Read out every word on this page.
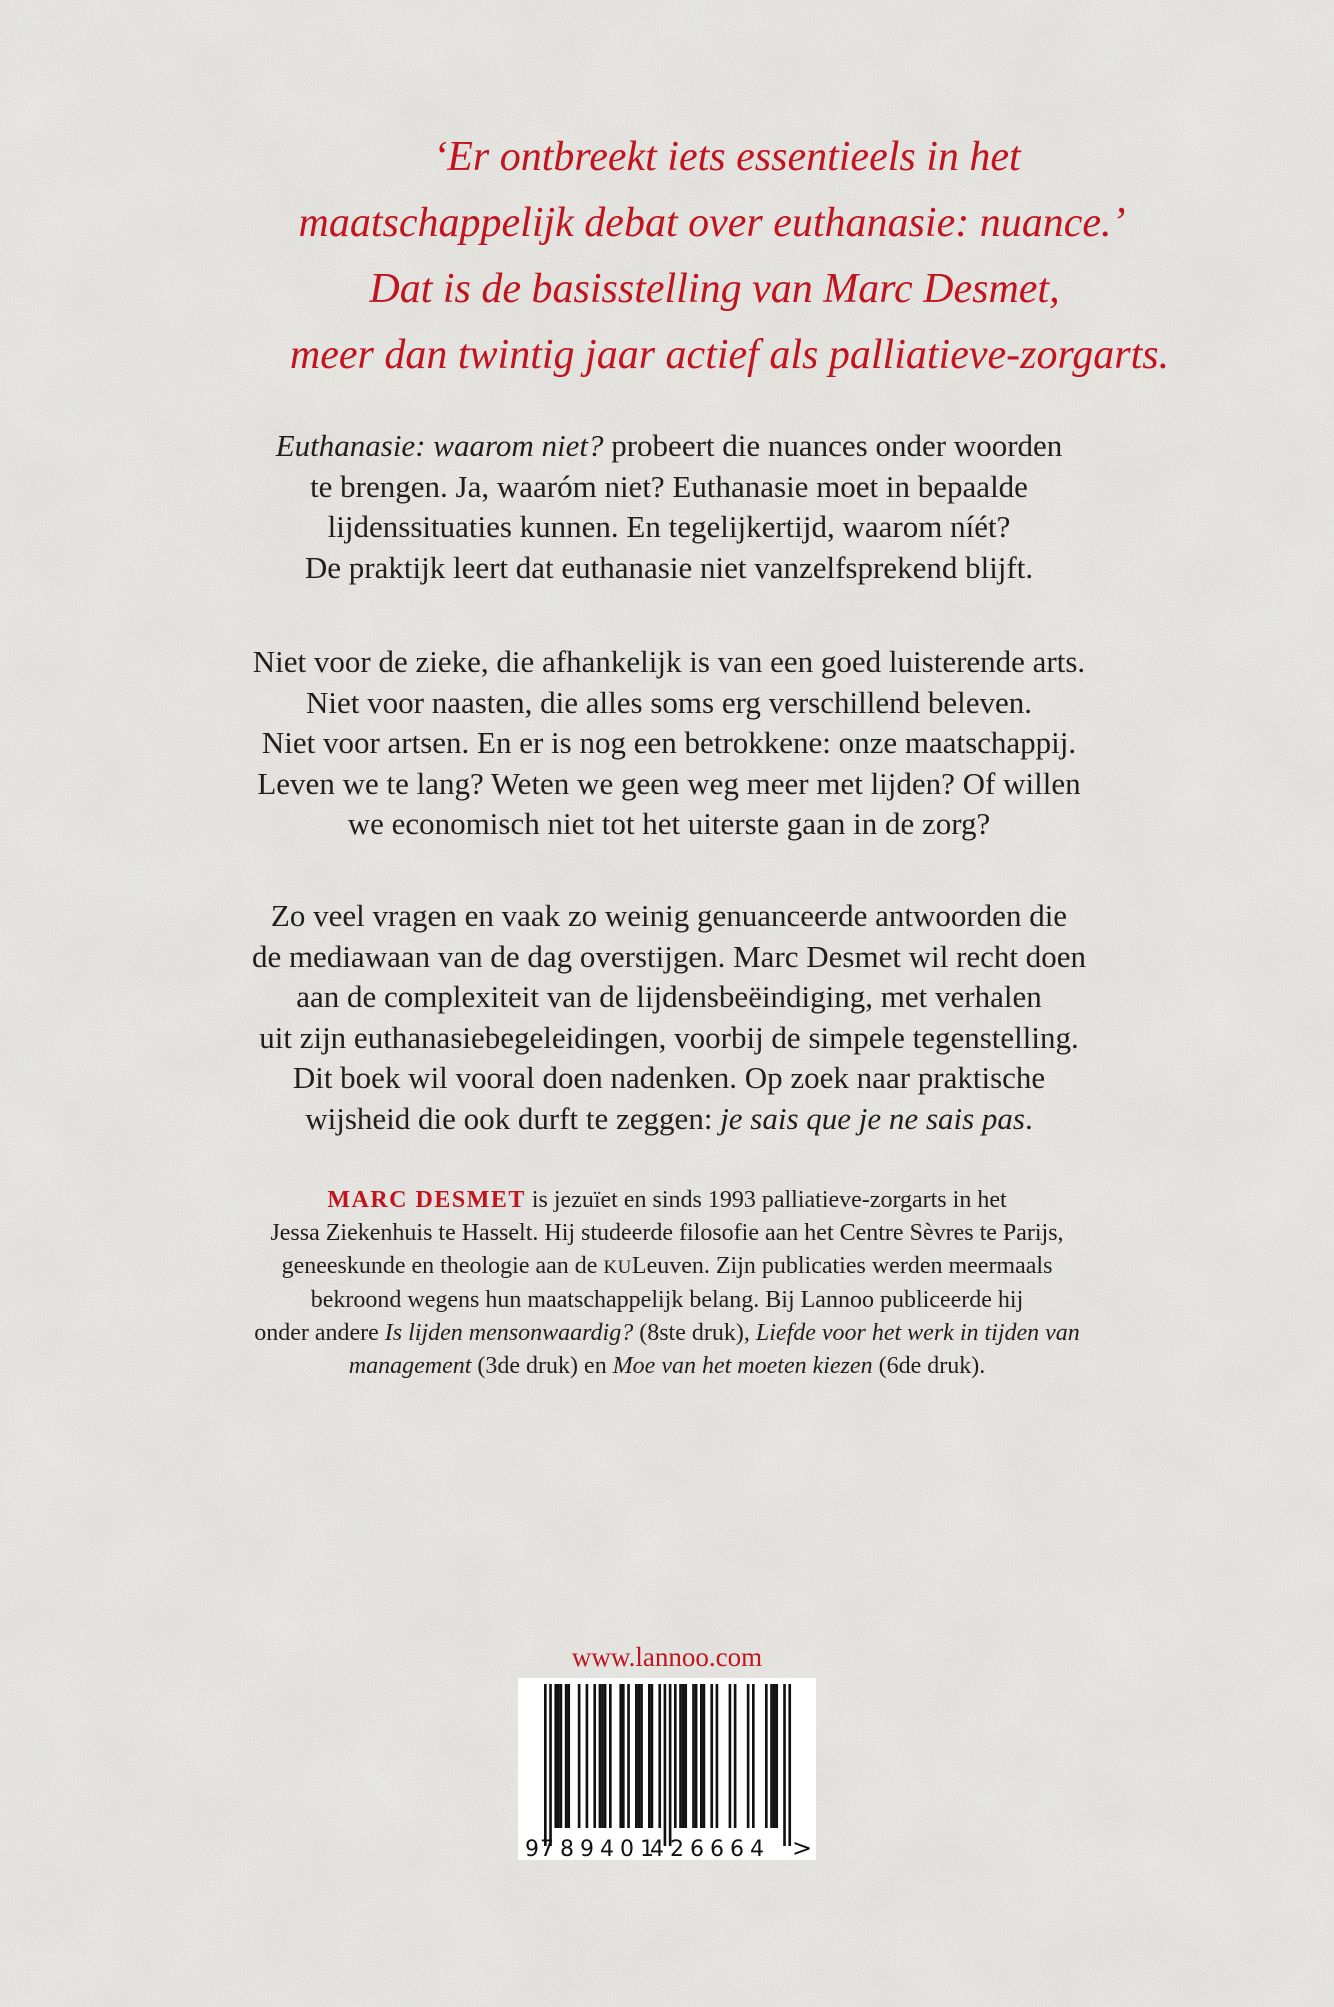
‘Er ontbreekt iets essentieels in het
maatschappelijk debat over euthanasie: nuance.’
Dat is de basisstelling van Marc Desmet,
meer dan twintig jaar actief als palliatieve-zorgarts.
Euthanasie: waarom niet? probeert die nuances onder woorden
te brengen. Ja, waaróm niet? Euthanasie moet in bepaalde
lijdenssituaties kunnen. En tegelijkertijd, waarom níét?
De praktijk leert dat euthanasie niet vanzelfsprekend blijft.
Niet voor de zieke, die afhankelijk is van een goed luisterende arts.
Niet voor naasten, die alles soms erg verschillend beleven.
Niet voor artsen. En er is nog een betrokkene: onze maatschappij.
Leven we te lang? Weten we geen weg meer met lijden? Of willen
we economisch niet tot het uiterste gaan in de zorg?
Zo veel vragen en vaak zo weinig genuanceerde antwoorden die
de mediawaan van de dag overstijgen. Marc Desmet wil recht doen
aan de complexiteit van de lijdensbeëindiging, met verhalen
uit zijn euthanasiebegeleidingen, voorbij de simpele tegenstelling.
Dit boek wil vooral doen nadenken. Op zoek naar praktische
wijsheid die ook durft te zeggen: je sais que je ne sais pas.
MARC DESMET is jezuïet en sinds 1993 palliatieve-zorgarts in het
Jessa Ziekenhuis te Hasselt. Hij studeerde filosofie aan het Centre Sèvres te Parijs,
geneeskunde en theologie aan de KULeuven. Zijn publicaties werden meermaals
bekroond wegens hun maatschappelijk belang. Bij Lannoo publiceerde hij
onder andere Is lijden mensonwaardig? (8ste druk), Liefde voor het werk in tijden van
management (3de druk) en Moe van het moeten kiezen (6de druk).
www.lannoo.com
9 789401
426664 >
